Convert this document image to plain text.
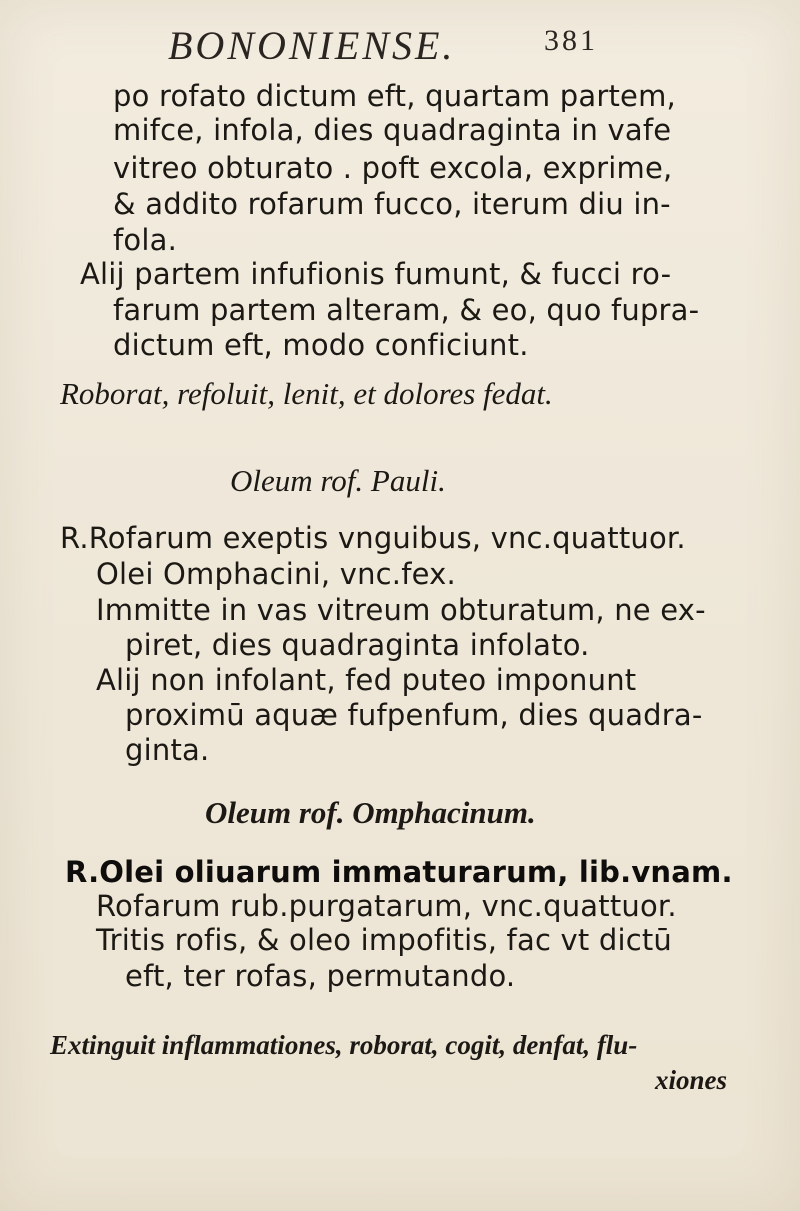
BONONIENSE.	381
po rofato dictum eft, quartam partem,
mifce, infola, dies quadraginta in vafe
vitreo obturato . poft excola, exprime,
& addito rofarum fucco, iterum diu in-
fola.
Alij partem infufionis fumunt, & fucci ro-
farum partem alteram, & eo, quo fupra-
dictum eft, modo conficiunt.
Roborat, refoluit, lenit, et dolores fedat.
Oleum rof. Pauli.
R.Rofarum exeptis vnguibus, vnc.quattuor.
Olei Omphacini, vnc.fex.
Immitte in vas vitreum obturatum, ne ex-
piret, dies quadraginta infolato.
Alij non infolant, fed puteo imponunt
proximū aquæ fufpenfum, dies quadra-
ginta.
Oleum rof. Omphacinum.
R.Olei oliuarum immaturarum, lib.vnam.
Rofarum rub.purgatarum, vnc.quattuor.
Tritis rofis, & oleo impofitis, fac vt dictū
eft, ter rofas, permutando.
Extinguit inflammationes, roborat, cogit, denfat, flu-
xiones
